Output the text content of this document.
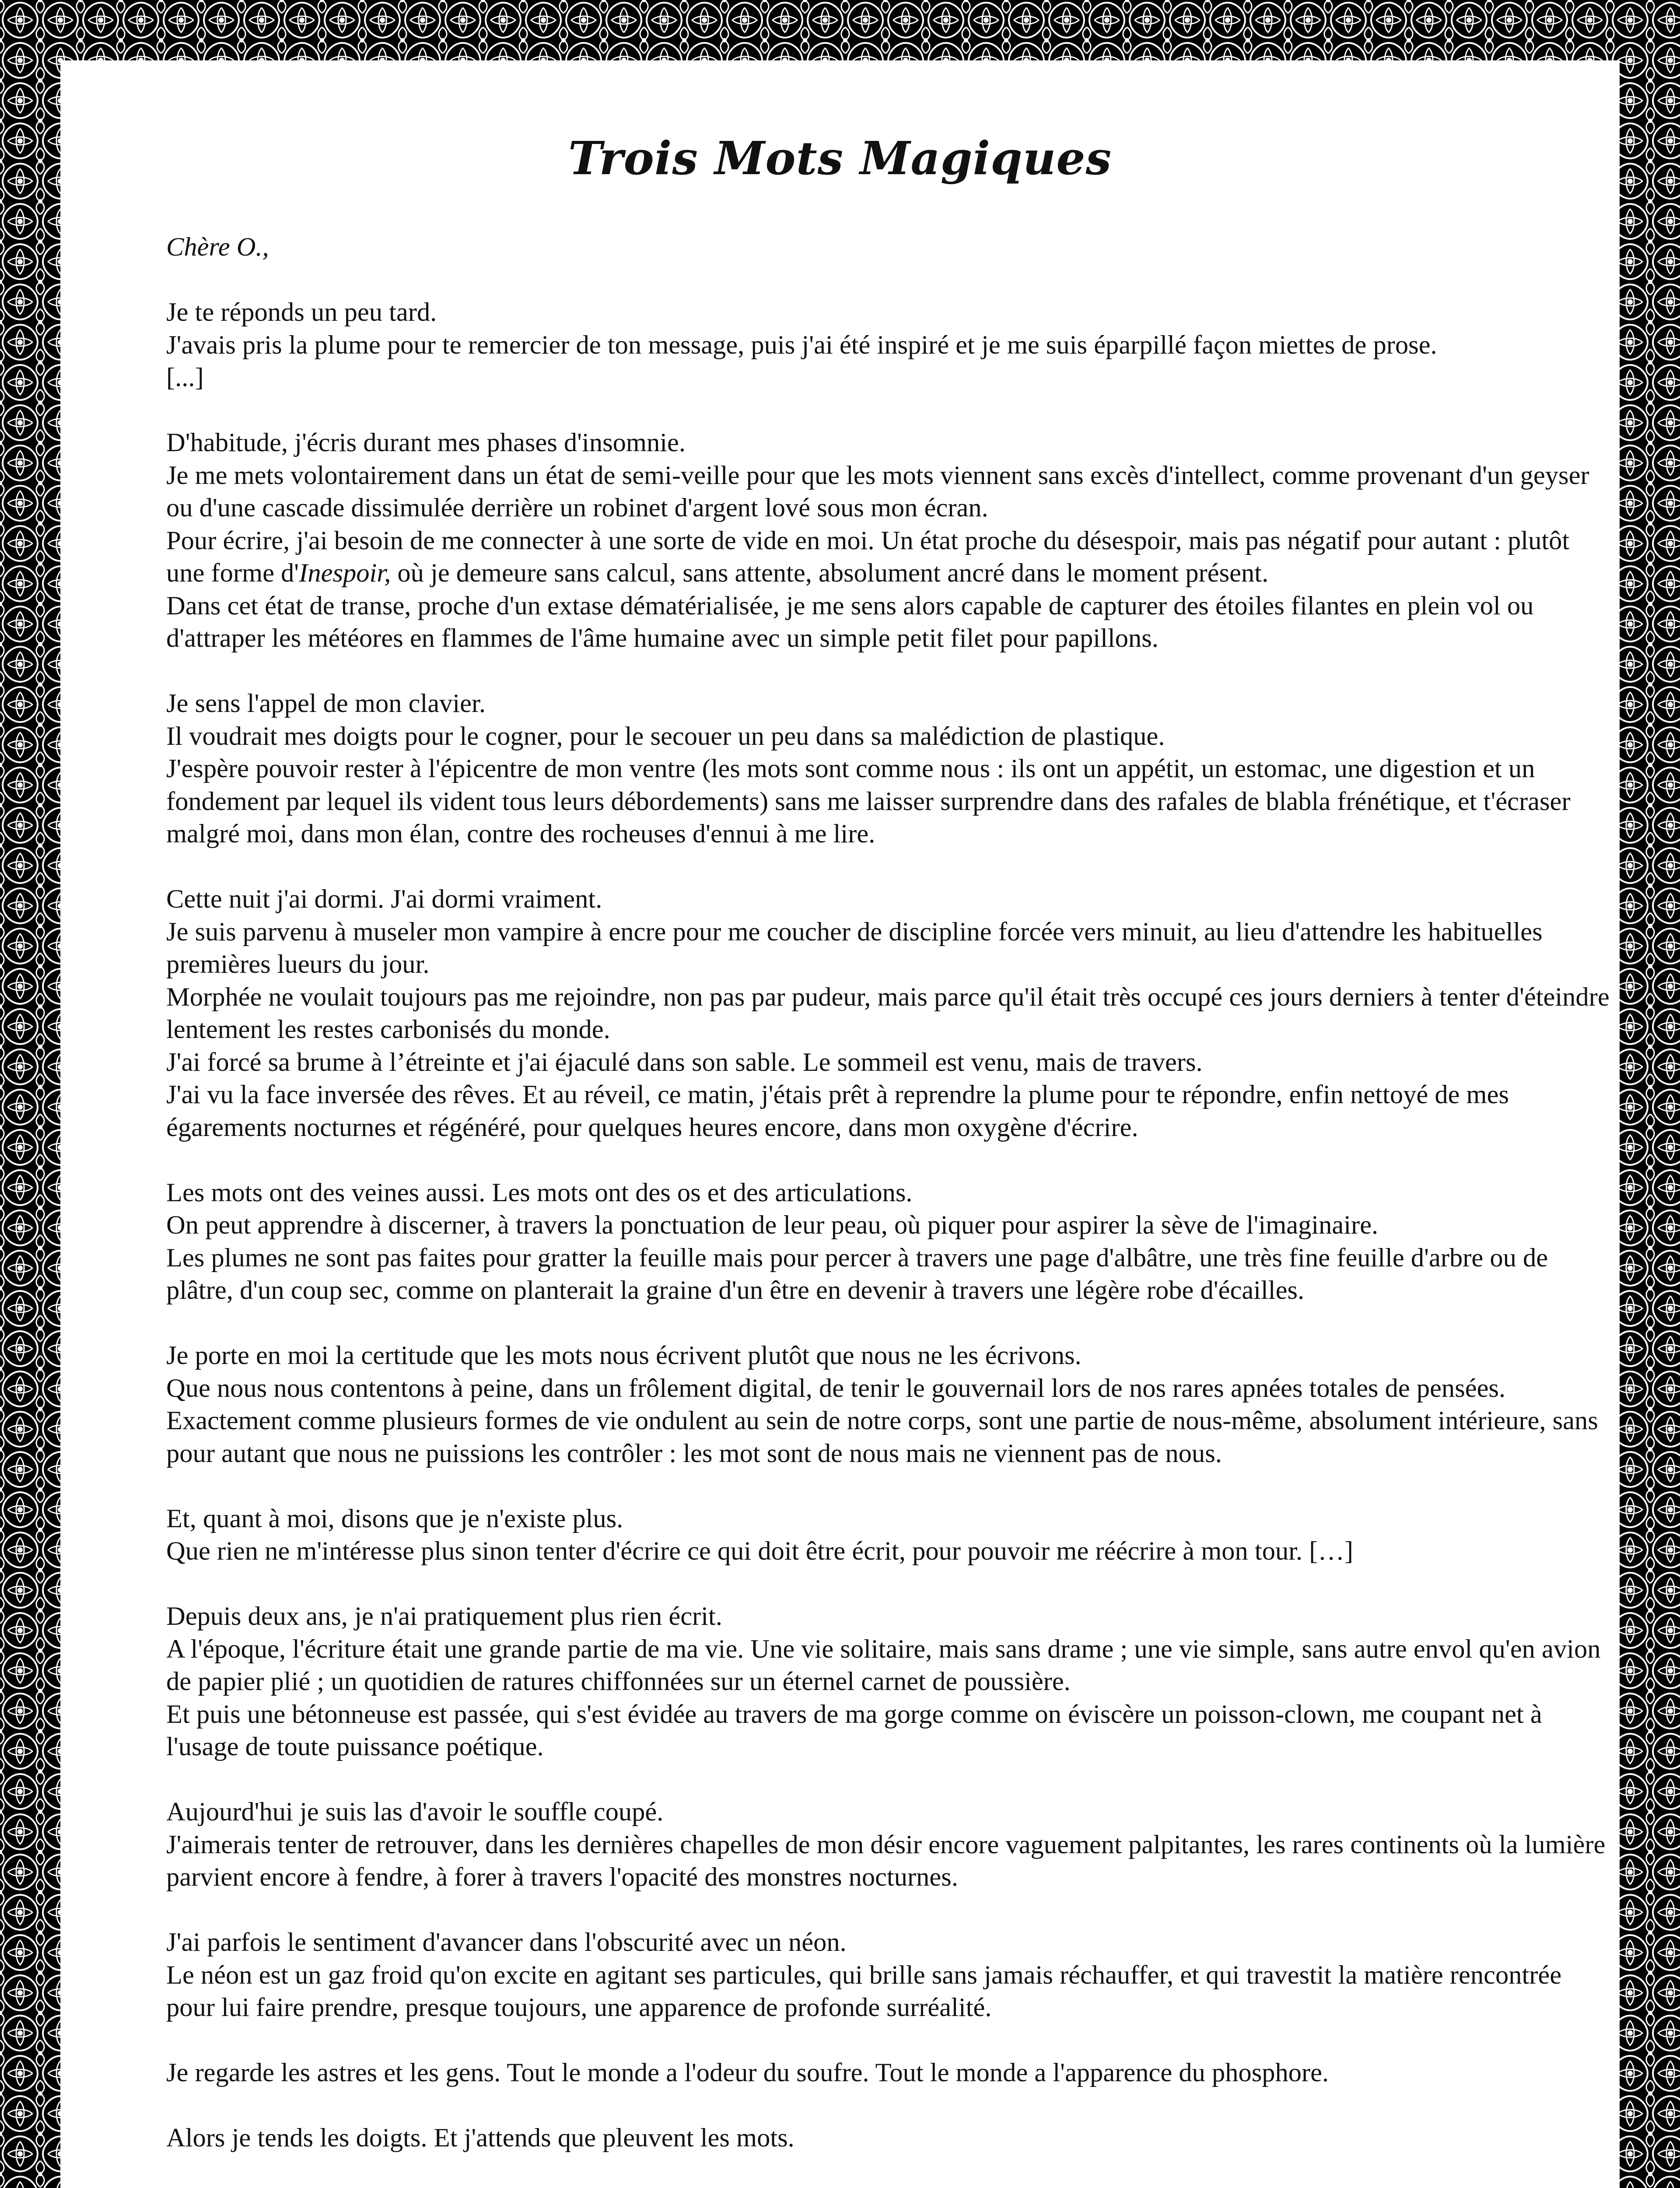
Trois Mots Magiques

Chère O.,

Je te réponds un peu tard.
J'avais pris la plume pour te remercier de ton message, puis j'ai été inspiré et je me suis éparpillé façon miettes de prose.
[...]

D'habitude, j'écris durant mes phases d'insomnie.
Je me mets volontairement dans un état de semi-veille pour que les mots viennent sans excès d'intellect, comme provenant d'un geyser ou d'une cascade dissimulée derrière un robinet d'argent lové sous mon écran.
Pour écrire, j'ai besoin de me connecter à une sorte de vide en moi. Un état proche du désespoir, mais pas négatif pour autant : plutôt une forme d'Inespoir, où je demeure sans calcul, sans attente, absolument ancré dans le moment présent.
Dans cet état de transe, proche d'un extase dématérialisée, je me sens alors capable de capturer des étoiles filantes en plein vol ou d'attraper les météores en flammes de l'âme humaine avec un simple petit filet pour papillons.

Je sens l'appel de mon clavier.
Il voudrait mes doigts pour le cogner, pour le secouer un peu dans sa malédiction de plastique.
J'espère pouvoir rester à l'épicentre de mon ventre (les mots sont comme nous : ils ont un appétit, un estomac, une digestion et un fondement par lequel ils vident tous leurs débordements) sans me laisser surprendre dans des rafales de blabla frénétique, et t'écraser malgré moi, dans mon élan, contre des rocheuses d'ennui à me lire.

Cette nuit j'ai dormi. J'ai dormi vraiment.
Je suis parvenu à museler mon vampire à encre pour me coucher de discipline forcée vers minuit, au lieu d'attendre les habituelles premières lueurs du jour.
Morphée ne voulait toujours pas me rejoindre, non pas par pudeur, mais parce qu'il était très occupé ces jours derniers à tenter d'éteindre lentement les restes carbonisés du monde.
J'ai forcé sa brume à l’étreinte et j'ai éjaculé dans son sable. Le sommeil est venu, mais de travers.
J'ai vu la face inversée des rêves. Et au réveil, ce matin, j'étais prêt à reprendre la plume pour te répondre, enfin nettoyé de mes égarements nocturnes et régénéré, pour quelques heures encore, dans mon oxygène d'écrire.

Les mots ont des veines aussi. Les mots ont des os et des articulations.
On peut apprendre à discerner, à travers la ponctuation de leur peau, où piquer pour aspirer la sève de l'imaginaire.
Les plumes ne sont pas faites pour gratter la feuille mais pour percer à travers une page d'albâtre, une très fine feuille d'arbre ou de plâtre, d'un coup sec, comme on planterait la graine d'un être en devenir à travers une légère robe d'écailles.

Je porte en moi la certitude que les mots nous écrivent plutôt que nous ne les écrivons.
Que nous nous contentons à peine, dans un frôlement digital, de tenir le gouvernail lors de nos rares apnées totales de pensées.
Exactement comme plusieurs formes de vie ondulent au sein de notre corps, sont une partie de nous-même, absolument intérieure, sans pour autant que nous ne puissions les contrôler : les mot sont de nous mais ne viennent pas de nous.

Et, quant à moi, disons que je n'existe plus.
Que rien ne m'intéresse plus sinon tenter d'écrire ce qui doit être écrit, pour pouvoir me réécrire à mon tour. […]

Depuis deux ans, je n'ai pratiquement plus rien écrit.
A l'époque, l'écriture était une grande partie de ma vie. Une vie solitaire, mais sans drame ; une vie simple, sans autre envol qu'en avion de papier plié ; un quotidien de ratures chiffonnées sur un éternel carnet de poussière.
Et puis une bétonneuse est passée, qui s'est évidée au travers de ma gorge comme on éviscère un poisson-clown, me coupant net à l'usage de toute puissance poétique.

Aujourd'hui je suis las d'avoir le souffle coupé.
J'aimerais tenter de retrouver, dans les dernières chapelles de mon désir encore vaguement palpitantes, les rares continents où la lumière parvient encore à fendre, à forer à travers l'opacité des monstres nocturnes.

J'ai parfois le sentiment d'avancer dans l'obscurité avec un néon.
Le néon est un gaz froid qu'on excite en agitant ses particules, qui brille sans jamais réchauffer, et qui travestit la matière rencontrée pour lui faire prendre, presque toujours, une apparence de profonde surréalité.

Je regarde les astres et les gens. Tout le monde a l'odeur du soufre. Tout le monde a l'apparence du phosphore.

Alors je tends les doigts. Et j'attends que pleuvent les mots.
